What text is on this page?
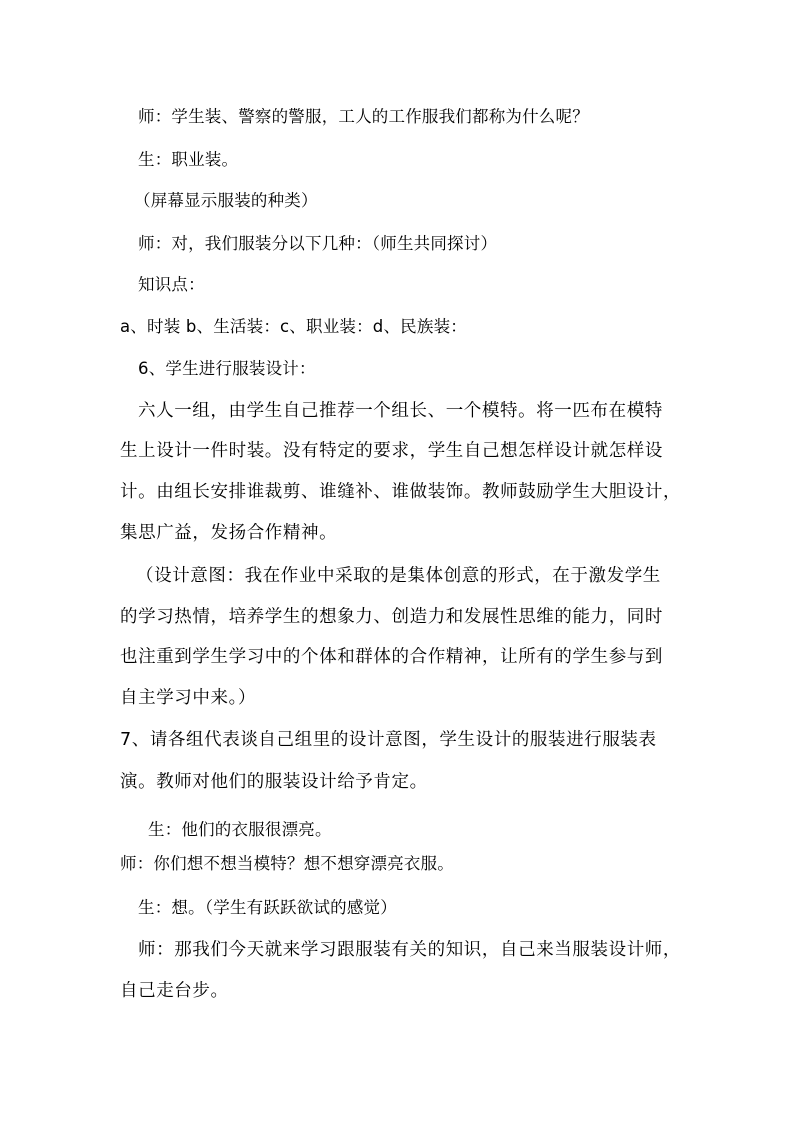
师：学生装、警察的警服，工人的工作服我们都称为什么呢？
生：职业装。
（屏幕显示服装的种类）
师：对，我们服装分以下几种：（师生共同探讨）
知识点：
a、时装 b、生活装：c、职业装：d、民族装：
6、学生进行服装设计：
六人一组，由学生自己推荐一个组长、一个模特。将一匹布在模特
生上设计一件时装。没有特定的要求，学生自己想怎样设计就怎样设
计。由组长安排谁裁剪、谁缝补、谁做装饰。教师鼓励学生大胆设计，
集思广益，发扬合作精神。
（设计意图：我在作业中采取的是集体创意的形式，在于激发学生
的学习热情，培养学生的想象力、创造力和发展性思维的能力，同时
也注重到学生学习中的个体和群体的合作精神，让所有的学生参与到
自主学习中来。）
7、请各组代表谈自己组里的设计意图，学生设计的服装进行服装表
演。教师对他们的服装设计给予肯定。
生：他们的衣服很漂亮。
师：你们想不想当模特？想不想穿漂亮衣服。
生：想。（学生有跃跃欲试的感觉）
师：那我们今天就来学习跟服装有关的知识，自己来当服装设计师，
自己走台步。
